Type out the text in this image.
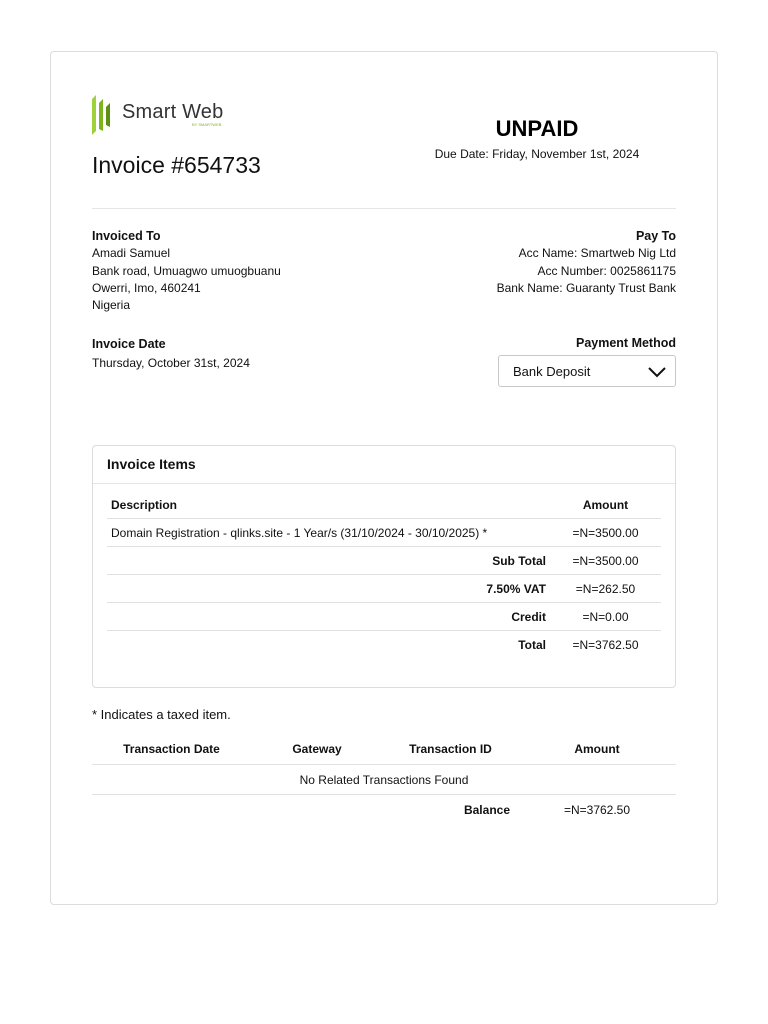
Smart Web
BY SMARTWEB
Invoice #654733
UNPAID
Due Date: Friday, November 1st, 2024
Invoiced To
Amadi Samuel
Bank road, Umuagwo umuogbuanu
Owerri, Imo, 460241
Nigeria
Pay To
Acc Name: Smartweb Nig Ltd
Acc Number: 0025861175
Bank Name: Guaranty Trust Bank
Invoice Date
Thursday, October 31st, 2024
Payment Method
Bank Deposit
Invoice Items
Description	Amount
Domain Registration - qlinks.site - 1 Year/s (31/10/2024 - 30/10/2025) *	=N=3500.00
Sub Total	=N=3500.00
7.50% VAT	=N=262.50
Credit	=N=0.00
Total	=N=3762.50
* Indicates a taxed item.
Transaction Date	Gateway	Transaction ID	Amount
No Related Transactions Found			
Balance			=N=3762.50
